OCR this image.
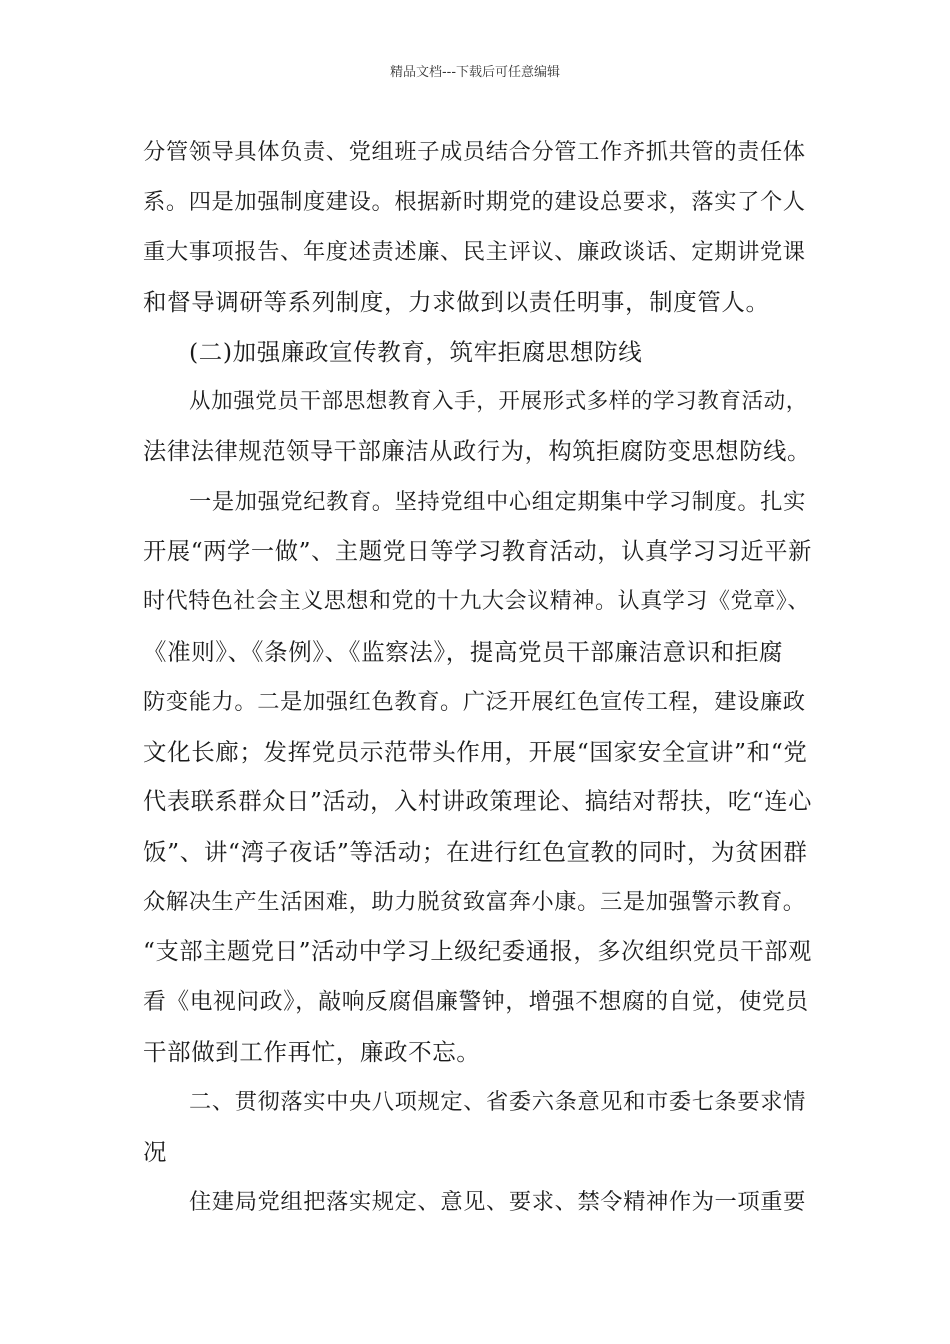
精品文档---下载后可任意编辑
分管领导具体负责、党组班子成员结合分管工作齐抓共管的责任体
系。四是加强制度建设。根据新时期党的建设总要求，落实了个人
重大事项报告、年度述责述廉、民主评议、廉政谈话、定期讲党课
和督导调研等系列制度，力求做到以责任明事，制度管人。
(二)加强廉政宣传教育，筑牢拒腐思想防线
从加强党员干部思想教育入手，开展形式多样的学习教育活动，
法律法律规范领导干部廉洁从政行为，构筑拒腐防变思想防线。
一是加强党纪教育。坚持党组中心组定期集中学习制度。扎实
开展“两学一做”、主题党日等学习教育活动，认真学习习近平新
时代特色社会主义思想和党的十九大会议精神。认真学习《党章》、
《准则》、《条例》、《监察法》，提高党员干部廉洁意识和拒腐
防变能力。二是加强红色教育。广泛开展红色宣传工程，建设廉政
文化长廊；发挥党员示范带头作用，开展“国家安全宣讲”和“党
代表联系群众日”活动，入村讲政策理论、搞结对帮扶，吃“连心
饭”、讲“湾子夜话”等活动；在进行红色宣教的同时，为贫困群
众解决生产生活困难，助力脱贫致富奔小康。三是加强警示教育。
“支部主题党日”活动中学习上级纪委通报，多次组织党员干部观
看《电视问政》，敲响反腐倡廉警钟，增强不想腐的自觉，使党员
干部做到工作再忙，廉政不忘。
二、贯彻落实中央八项规定、省委六条意见和市委七条要求情
况
住建局党组把落实规定、意见、要求、禁令精神作为一项重要
